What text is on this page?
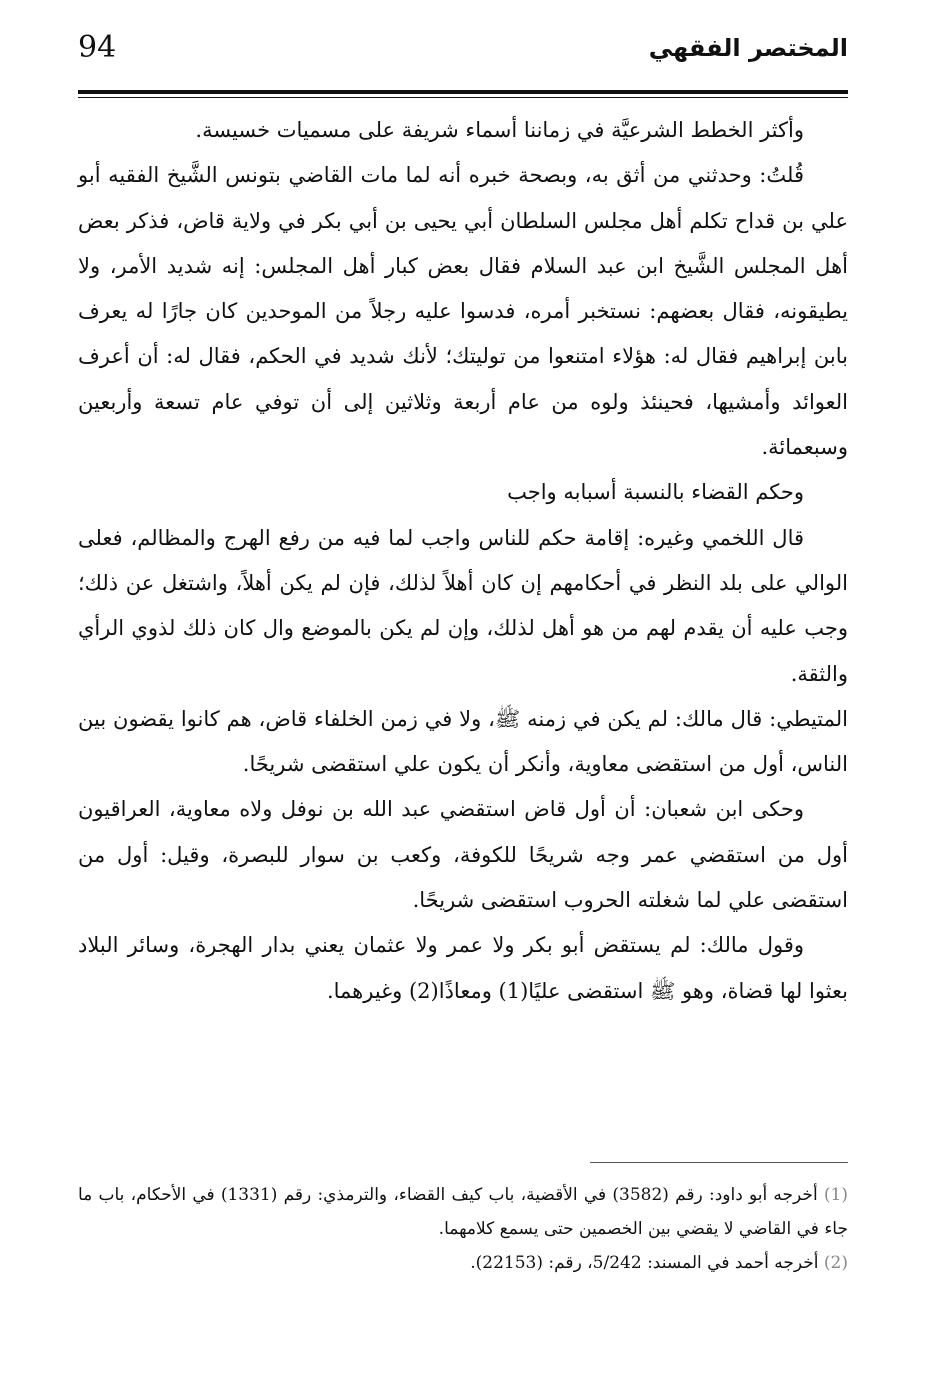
94	المختصر الفقهي

وأكثر الخطط الشرعيَّة في زماننا أسماء شريفة على مسميات خسيسة.

قُلتُ: وحدثني من أثق به، وبصحة خبره أنه لما مات القاضي بتونس الشَّيخ الفقيه أبو علي بن قداح تكلم أهل مجلس السلطان أبي يحيى بن أبي بكر في ولاية قاض، فذكر بعض أهل المجلس الشَّيخ ابن عبد السلام فقال بعض كبار أهل المجلس: إنه شديد الأمر، ولا يطيقونه، فقال بعضهم: نستخبر أمره، فدسوا عليه رجلاً من الموحدين كان جارًا له يعرف بابن إبراهيم فقال له: هؤلاء امتنعوا من توليتك؛ لأنك شديد في الحكم، فقال له: أن أعرف العوائد وأمشيها، فحينئذ ولوه من عام أربعة وثلاثين إلى أن توفي عام تسعة وأربعين وسبعمائة.

وحكم القضاء بالنسبة أسبابه واجب

قال اللخمي وغيره: إقامة حكم للناس واجب لما فيه من رفع الهرج والمظالم، فعلى الوالي على بلد النظر في أحكامهم إن كان أهلاً لذلك، فإن لم يكن أهلاً، واشتغل عن ذلك؛ وجب عليه أن يقدم لهم من هو أهل لذلك، وإن لم يكن بالموضع وال كان ذلك لذوي الرأي والثقة.

المتيطي: قال مالك: لم يكن في زمنه ﷺ، ولا في زمن الخلفاء قاض، هم كانوا يقضون بين الناس، أول من استقضى معاوية، وأنكر أن يكون علي استقضى شريحًا.

وحكى ابن شعبان: أن أول قاض استقضي عبد الله بن نوفل ولاه معاوية، العراقيون أول من استقضي عمر وجه شريحًا للكوفة، وكعب بن سوار للبصرة، وقيل: أول من استقضى علي لما شغلته الحروب استقضى شريحًا.

وقول مالك: لم يستقض أبو بكر ولا عمر ولا عثمان يعني بدار الهجرة، وسائر البلاد بعثوا لها قضاة، وهو ﷺ استقضى عليًا(1) ومعاذًا(2) وغيرهما.

(1) أخرجه أبو داود: رقم (3582) في الأقضية، باب كيف القضاء، والترمذي: رقم (1331) في الأحكام، باب ما جاء في القاضي لا يقضي بين الخصمين حتى يسمع كلامهما.

(2) أخرجه أحمد في المسند: 5/242، رقم: (22153).
